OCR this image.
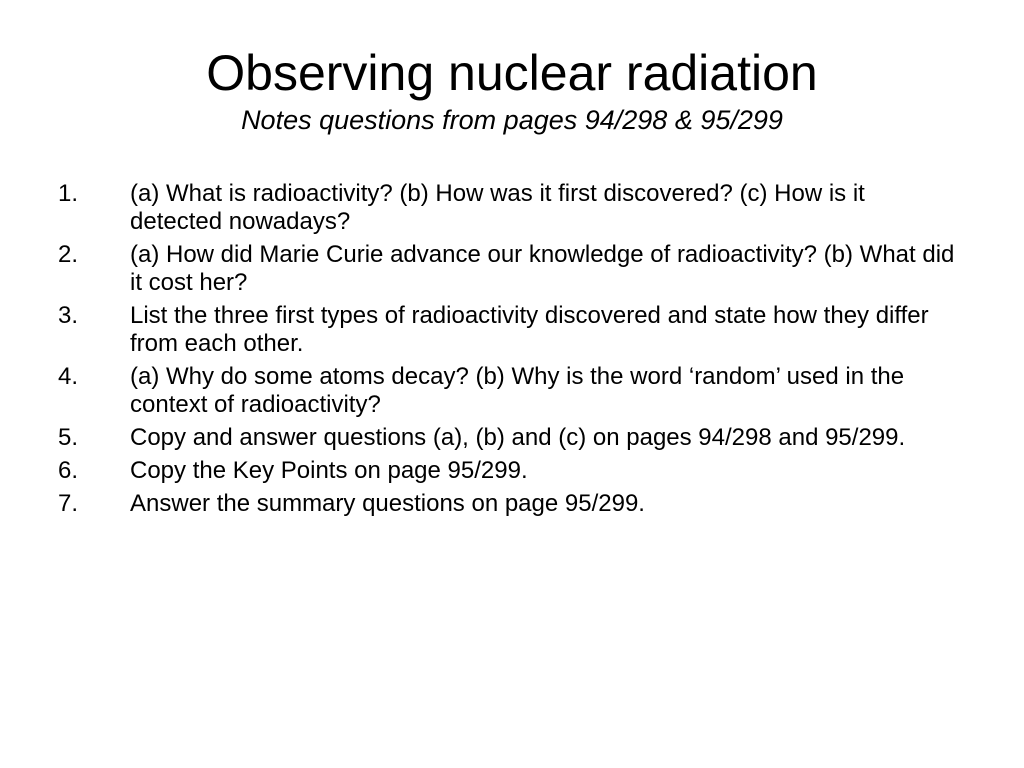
Observing nuclear radiation
Notes questions from pages 94/298 & 95/299
1.	(a) What is radioactivity? (b) How was it first discovered? (c) How is it detected nowadays?
2.	(a) How did Marie Curie advance our knowledge of radioactivity? (b) What did it cost her?
3.	List the three first types of radioactivity discovered and state how they differ from each other.
4.	(a) Why do some atoms decay? (b) Why is the word ‘random’ used in the context of radioactivity?
5.	Copy and answer questions (a), (b) and (c) on pages 94/298 and 95/299.
6.	Copy the Key Points on page 95/299.
7.	Answer the summary questions on page 95/299.
